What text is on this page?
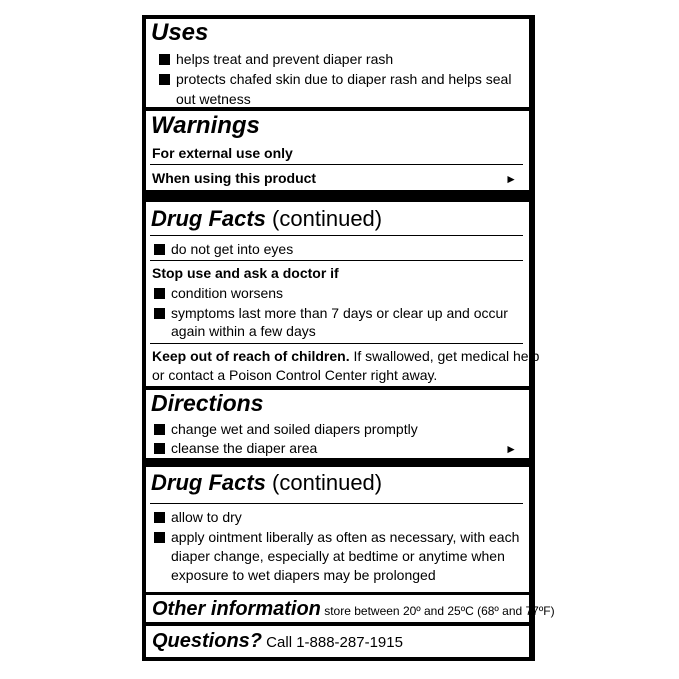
Uses
helps treat and prevent diaper rash
protects chafed skin due to diaper rash and helps seal
out wetness
Warnings
For external use only
When using this product	►
Drug Facts (continued)
do not get into eyes
Stop use and ask a doctor if
condition worsens
symptoms last more than 7 days or clear up and occur
again within a few days
Keep out of reach of children. If swallowed, get medical help
or contact a Poison Control Center right away.
Directions
change wet and soiled diapers promptly
cleanse the diaper area	►
Drug Facts (continued)
allow to dry
apply ointment liberally as often as necessary, with each
diaper change, especially at bedtime or anytime when
exposure to wet diapers may be prolonged
Other information store between 20º and 25ºC (68º and 77ºF)
Questions? Call 1-888-287-1915
